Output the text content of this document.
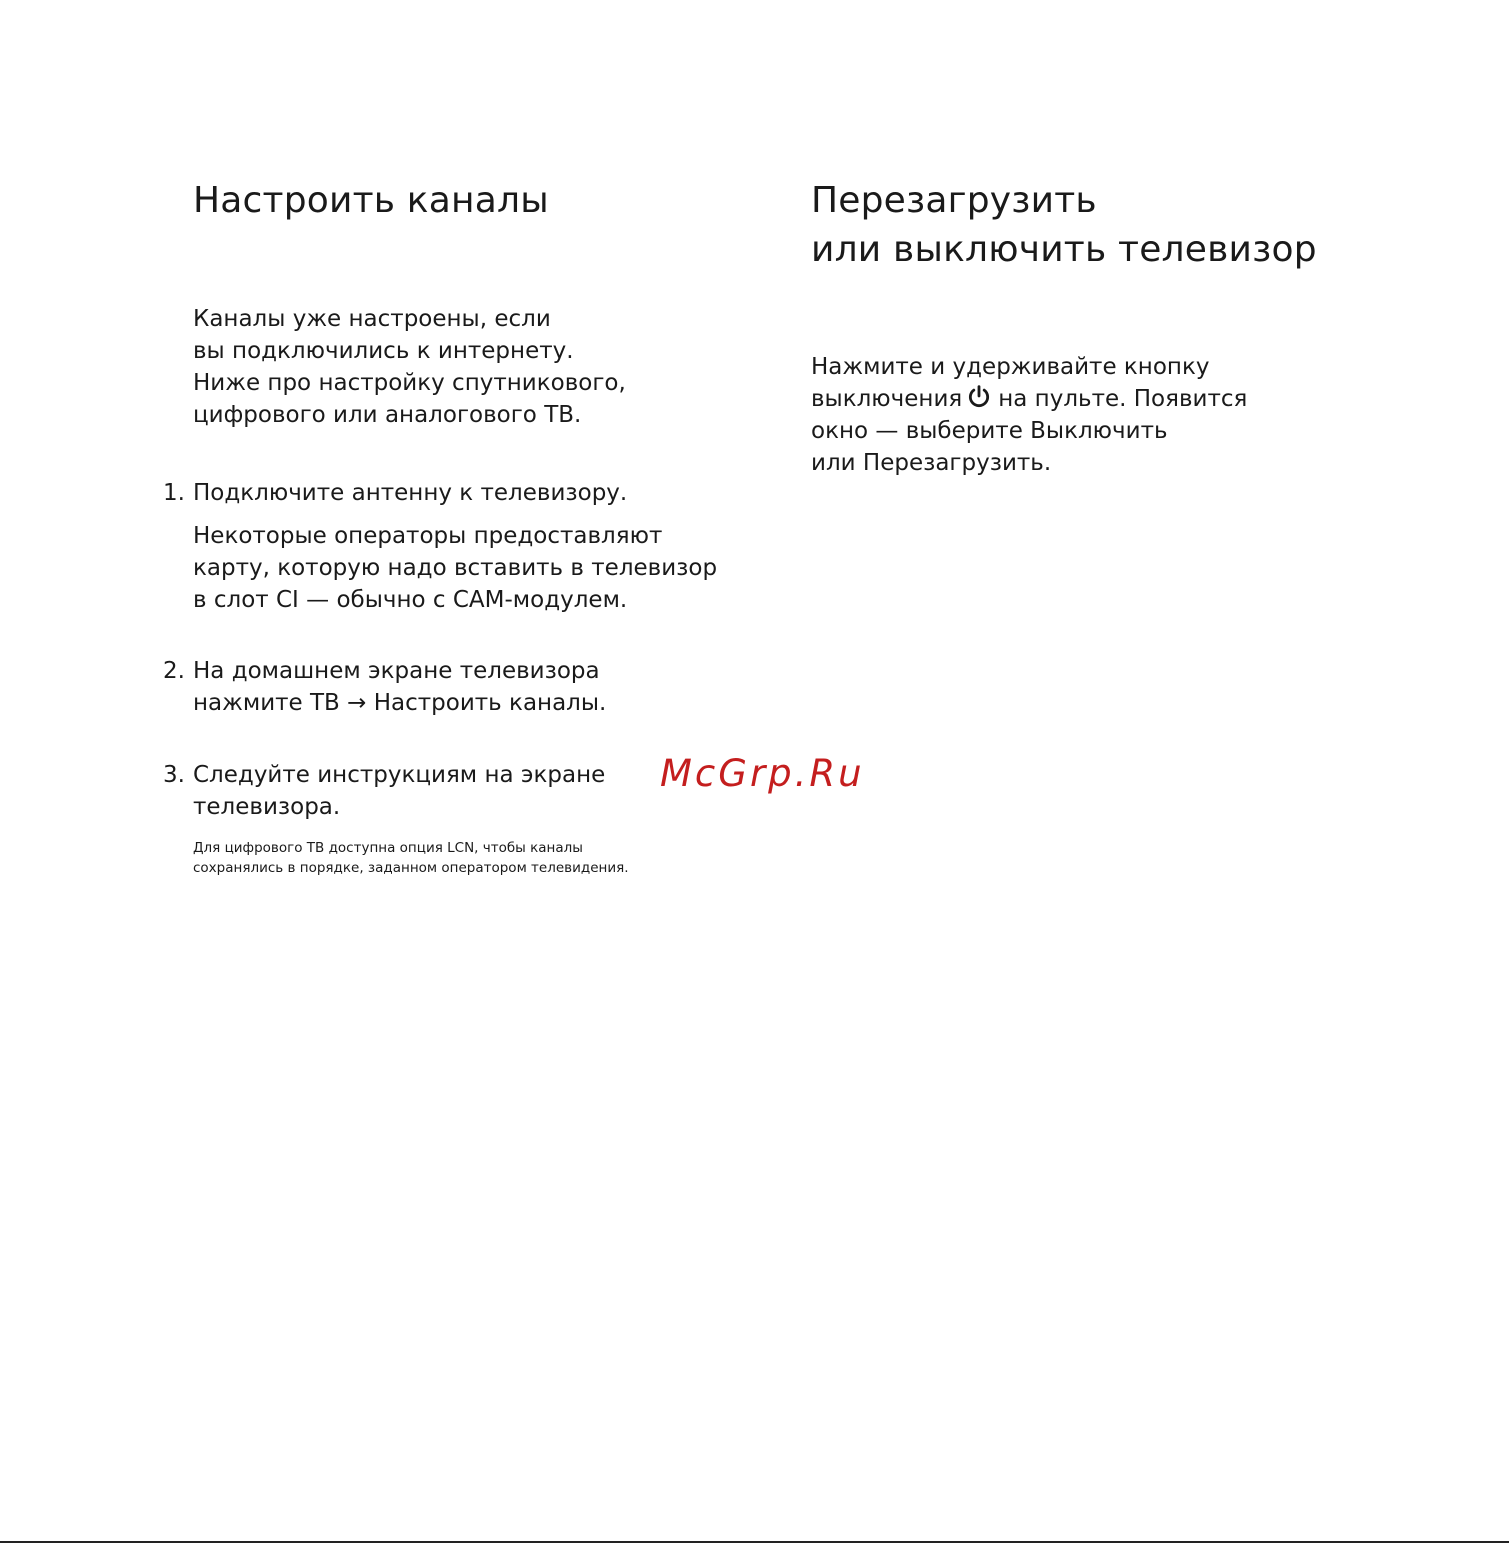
Настроить каналы
Каналы уже настроены, если
вы подключились к интернету.
Ниже про настройку спутникового,
цифрового или аналогового ТВ.
1. Подключите антенну к телевизору.
Некоторые операторы предоставляют
карту, которую надо вставить в телевизор
в слот CI — обычно с CAM-модулем.
2. На домашнем экране телевизора
нажмите ТВ → Настроить каналы.
3. Следуйте инструкциям на экране
телевизора.
Для цифрового ТВ доступна опция LCN, чтобы каналы
сохранялись в порядке, заданном оператором телевидения.
Перезагрузить
или выключить телевизор
Нажмите и удерживайте кнопку
выключения на пульте. Появится
окно — выберите Выключить
или Перезагрузить.
McGrp.Ru
